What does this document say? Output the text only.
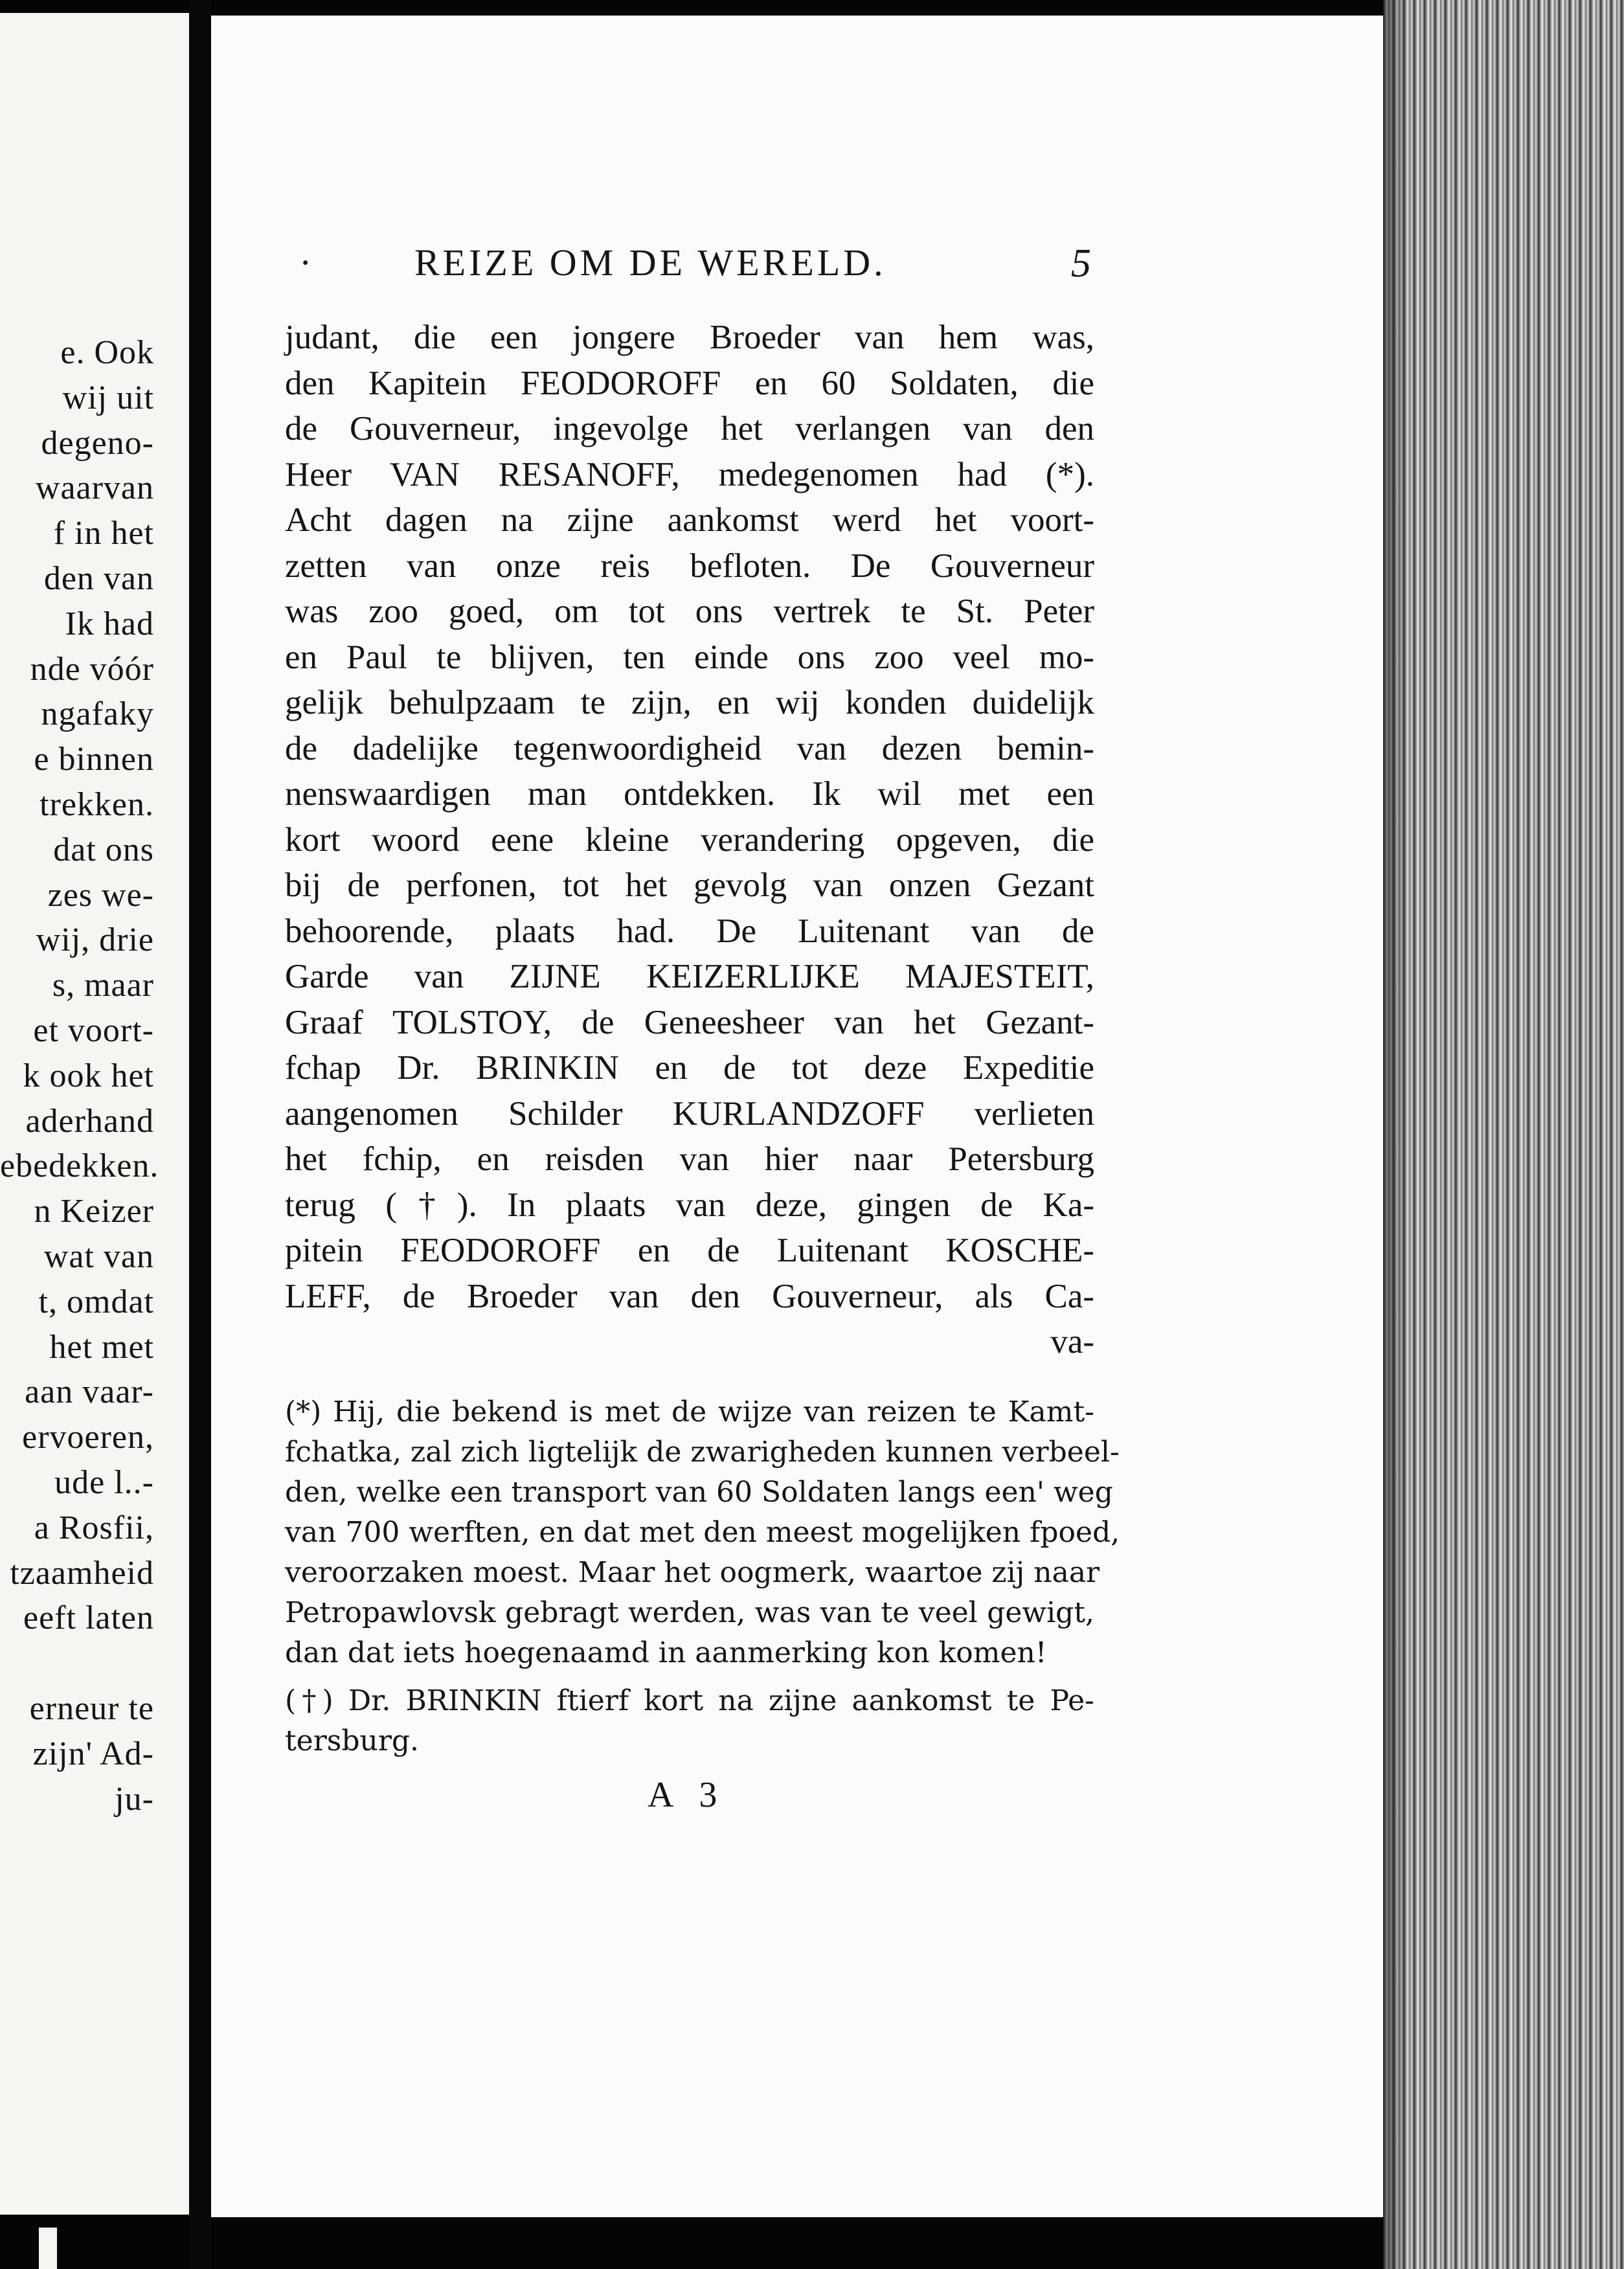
e. Ook
wij uit
degeno-
waarvan
f in het
den van
Ik had
nde vóór
ngafaky
e binnen
trekken.
dat ons
zes we-
wij, drie
s, maar
et voort-
k ook het
aderhand
ebedekken.
n Keizer
wat van
t, omdat
het met
aan vaar-
ervoeren,
ude l..-
a Rosfii,
tzaamheid
eeft laten
erneur te
zijn' Ad-
ju-
·	REIZE OM DE WERELD.	5
judant, die een jongere Broeder van hem was,
den Kapitein FEODOROFF en 60 Soldaten, die
de Gouverneur, ingevolge het verlangen van den
Heer VAN RESANOFF, medegenomen had (*).
Acht dagen na zijne aankomst werd het voort-
zetten van onze reis befloten. De Gouverneur
was zoo goed, om tot ons vertrek te St. Peter
en Paul te blijven, ten einde ons zoo veel mo-
gelijk behulpzaam te zijn, en wij konden duidelijk
de dadelijke tegenwoordigheid van dezen bemin-
nenswaardigen man ontdekken. Ik wil met een
kort woord eene kleine verandering opgeven, die
bij de perfonen, tot het gevolg van onzen Gezant
behoorende, plaats had. De Luitenant van de
Garde van ZIJNE KEIZERLIJKE MAJESTEIT,
Graaf TOLSTOY, de Geneesheer van het Gezant-
fchap Dr. BRINKIN en de tot deze Expeditie
aangenomen Schilder KURLANDZOFF verlieten
het fchip, en reisden van hier naar Petersburg
terug (†). In plaats van deze, gingen de Ka-
pitein FEODOROFF en de Luitenant KOSCHE-
LEFF, de Broeder van den Gouverneur, als Ca-
va-
(*) Hij, die bekend is met de wijze van reizen te Kamt-
fchatka, zal zich ligtelijk de zwarigheden kunnen verbeel-
den, welke een transport van 60 Soldaten langs een' weg
van 700 werften, en dat met den meest mogelijken fpoed,
veroorzaken moest. Maar het oogmerk, waartoe zij naar
Petropawlovsk gebragt werden, was van te veel gewigt,
dan dat iets hoegenaamd in aanmerking kon komen!
(†) Dr. BRINKIN ftierf kort na zijne aankomst te Pe-
tersburg.
A 3
